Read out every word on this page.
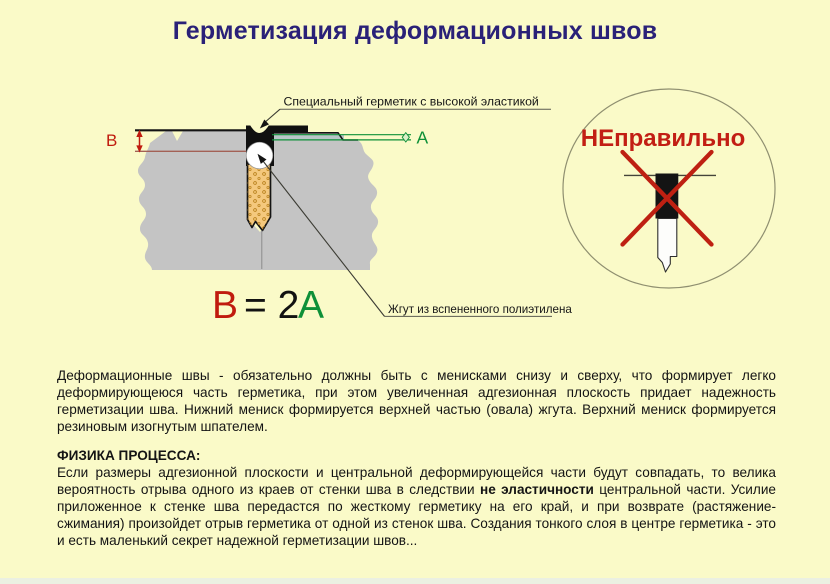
Герметизация деформационных швов
B	A
Специальный герметик с высокой эластикой
Жгут из вспененного полиэтилена
B = 2 A
НЕправильно

Деформационные швы - обязательно должны быть с менисками снизу и сверху, что формирует легко деформирующеюся часть герметика, при этом увеличенная адгезионная плоскость придает надежность герметизации шва. Нижний мениск формируется верхней частью (овала) жгута. Верхний мениск формируется резиновым изогнутым шпателем.

ФИЗИКА ПРОЦЕССА:

Если размеры адгезионной плоскости и центральной деформирующейся части будут совпадать, то велика вероятность отрыва одного из краев от стенки шва в следствии не эластичности центральной части. Усилие приложенное к стенке шва передастся по жесткому герметику на его край, и при возврате (растяжение-сжимания) произойдет отрыв герметика от одной из стенок шва. Создания тонкого слоя в центре герметика - это и есть маленький секрет надежной герметизации швов...
